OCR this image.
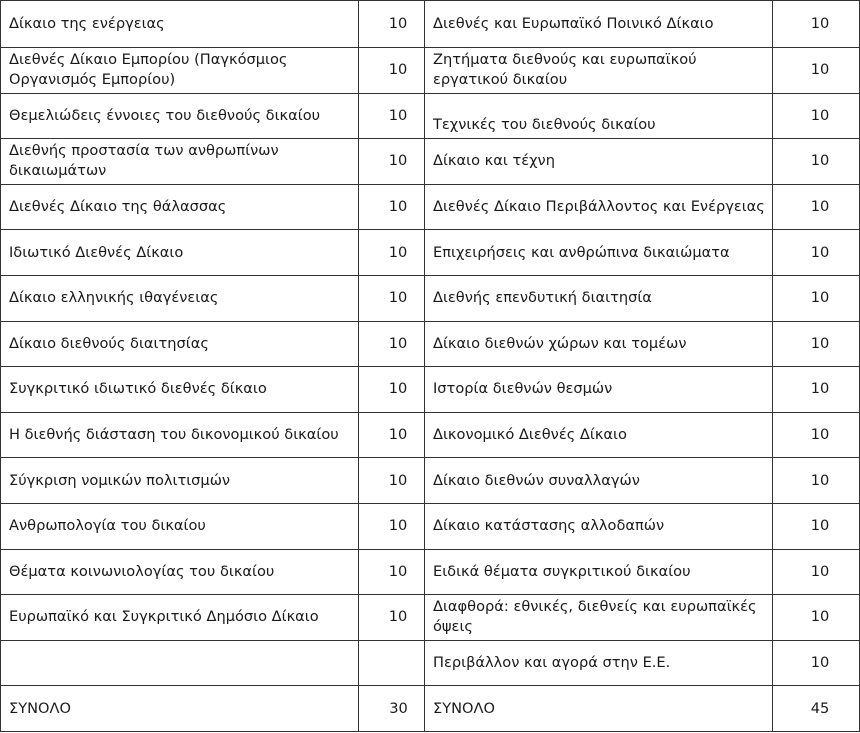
Δίκαιο της ενέργειας	10	Διεθνές και Ευρωπαϊκό Ποινικό Δίκαιο	10
Διεθνές Δίκαιο Εμπορίου (Παγκόσμιος Οργανισμός Εμπορίου)	10	Ζητήματα διεθνούς και ευρωπαϊκού εργατικού δικαίου	10
Θεμελιώδεις έννοιες του διεθνούς δικαίου	10	Τεχνικές του διεθνούς δικαίου	10
Διεθνής προστασία των ανθρωπίνων δικαιωμάτων	10	Δίκαιο και τέχνη	10
Διεθνές Δίκαιο της θάλασσας	10	Διεθνές Δίκαιο Περιβάλλοντος και Ενέργειας	10
Ιδιωτικό Διεθνές Δίκαιο	10	Επιχειρήσεις και ανθρώπινα δικαιώματα	10
Δίκαιο ελληνικής ιθαγένειας	10	Διεθνής επενδυτική διαιτησία	10
Δίκαιο διεθνούς διαιτησίας	10	Δίκαιο διεθνών χώρων και τομέων	10
Συγκριτικό ιδιωτικό διεθνές δίκαιο	10	Ιστορία διεθνών θεσμών	10
Η διεθνής διάσταση του δικονομικού δικαίου	10	Δικονομικό Διεθνές Δίκαιο	10
Σύγκριση νομικών πολιτισμών	10	Δίκαιο διεθνών συναλλαγών	10
Ανθρωπολογία του δικαίου	10	Δίκαιο κατάστασης αλλοδαπών	10
Θέματα κοινωνιολογίας του δικαίου	10	Ειδικά θέματα συγκριτικού δικαίου	10
Ευρωπαϊκό και Συγκριτικό Δημόσιο Δίκαιο	10	Διαφθορά: εθνικές, διεθνείς και ευρωπαϊκές όψεις	10
		Περιβάλλον και αγορά στην Ε.Ε.	10
ΣΥΝΟΛΟ	30	ΣΥΝΟΛΟ	45
